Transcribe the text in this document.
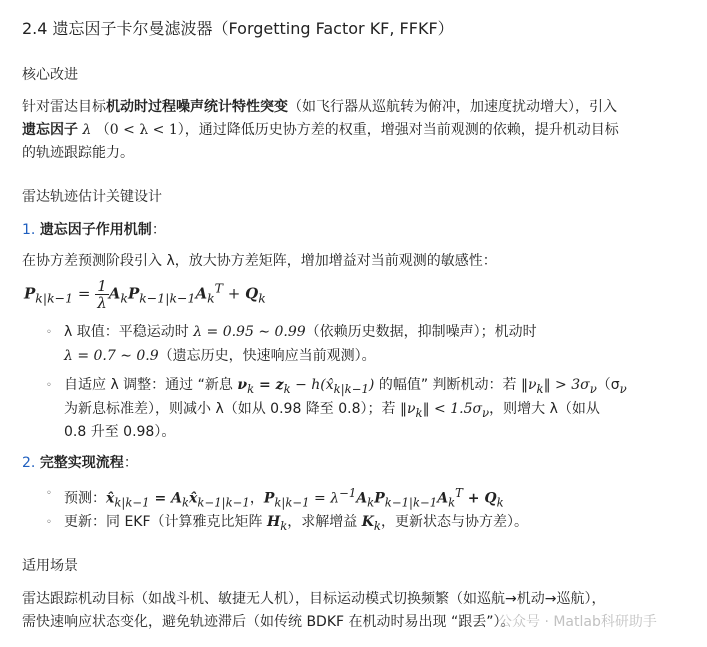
2.4 遗忘因子卡尔曼滤波器（Forgetting Factor KF, FFKF）
核心改进
针对雷达目标机动时过程噪声统计特性突变（如飞行器从巡航转为俯冲，加速度扰动增大），引入
遗忘因子 λ （0 < λ < 1），通过降低历史协方差的权重，增强对当前观测的依赖，提升机动目标
的轨迹跟踪能力。
雷达轨迹估计关键设计
1. 遗忘因子作用机制：
在协方差预测阶段引入 λ，放大协方差矩阵，增加增益对当前观测的敏感性：
$P_{k|k-1} = \frac{1}{\lambda} A_kP_{k-1|k-1}A_k^T + Q_k$
◦ λ 取值：平稳运动时 λ = 0.95 ∼ 0.99（依赖历史数据，抑制噪声）；机动时
λ = 0.7 ∼ 0.9（遗忘历史，快速响应当前观测）。
◦ 自适应 λ 调整：通过 “新息 $\nu_k = z_k$ − $h(x̂_{k|k-1})$ 的幅值” 判断机动：若 $‖\nu_k‖ > 3\sigma_\nu(\sigma_\nu$
为新息标准差），则减小 λ（如从 0.98 降至 0.8）；若 $‖\nu_k‖ < 1.5\sigma_\nu$，则增大 λ（如从
0.8 升至 0.98）。
2. 完整实现流程：
◦ 预测：$x̂_{k|k-1}$ = $A_kx̂_{k-1|k-1}$，$P_{k|k-1} = \lambda^{-1}A_kP_{k-1|k-1}A_k^T + Q_k$
◦ 更新：同 EKF（计算雅克比矩阵 $H_k$，求解增益 $K_k$，更新状态与协方差）。
适用场景
雷达跟踪机动目标（如战斗机、敏捷无人机），目标运动模式切换频繁（如巡航→机动→巡航），
需快速响应状态变化，避免轨迹滞后（如传统 BDKF 在机动时易出现 “跟丢”）。
公众号 · Matlab科研助手
